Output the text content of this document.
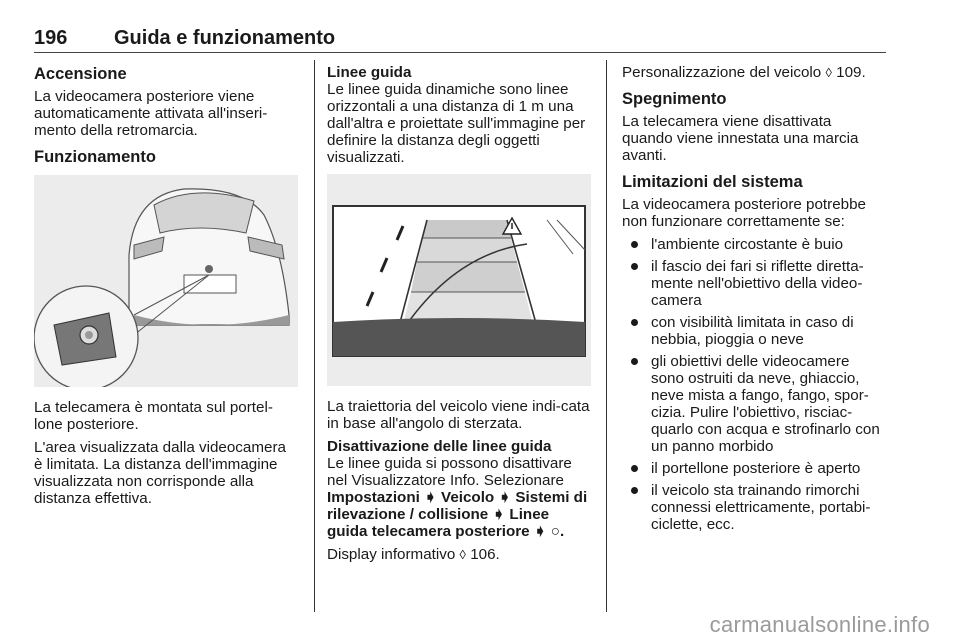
196 Guida e funzionamento
Accensione
La videocamera posteriore viene automaticamente attivata all'inseri-mento della retromarcia.
Funzionamento
La telecamera è montata sul portel-lone posteriore.
L'area visualizzata dalla videocamera è limitata. La distanza dell'immagine visualizzata non corrisponde alla distanza effettiva.
Linee guida
Le linee guida dinamiche sono linee orizzontali a una distanza di 1 m una dall'altra e proiettate sull'immagine per definire la distanza degli oggetti visualizzati.
La traiettoria del veicolo viene indi-cata in base all'angolo di sterzata.
Disattivazione delle linee guida
Le linee guida si possono disattivare nel Visualizzatore Info. Selezionare
Impostazioni ➧ Veicolo ➧ Sistemi di rilevazione / collisione ➧ Linee guida telecamera posteriore ➧ ○.
Display informativo ◊ 106.
Personalizzazione del veicolo ◊ 109.
Spegnimento
La telecamera viene disattivata quando viene innestata una marcia avanti.
Limitazioni del sistema
La videocamera posteriore potrebbe non funzionare correttamente se:
l'ambiente circostante è buio
il fascio dei fari si riflette diretta-mente nell'obiettivo della video-camera
con visibilità limitata in caso di nebbia, pioggia o neve
gli obiettivi delle videocamere sono ostruiti da neve, ghiaccio, neve mista a fango, fango, spor-cizia. Pulire l'obiettivo, risciac-quarlo con acqua e strofinarlo con un panno morbido
il portellone posteriore è aperto
il veicolo sta trainando rimorchi connessi elettricamente, portabi-ciclette, ecc.
carmanualsonline.info
